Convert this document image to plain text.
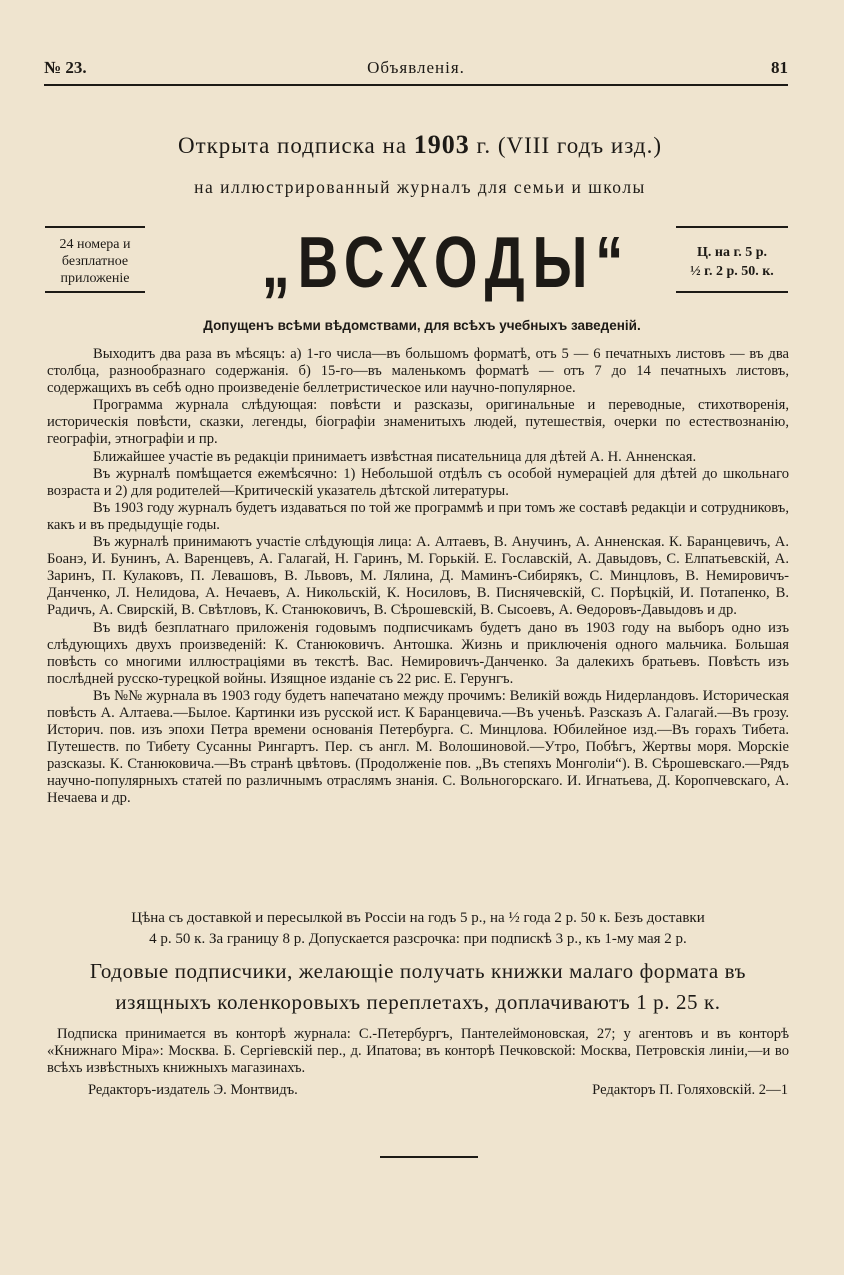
№ 23.	Объявленія.	81
Открыта подписка на 1903 г. (VIII годъ изд.)
на иллюстрированный журналъ для семьи и школы
24 номера и
безплатное
приложеніе „ВСХОДЫ“	Ц. на г. 5 р.
½ г. 2 р. 50. к.
Допущенъ всѣми вѣдомствами, для всѣхъ учебныхъ заведеній.

Выходитъ два раза въ мѣсяцъ: а) 1-го числа—въ большомъ форматѣ, отъ 5 — 6 печатныхъ листовъ — въ два столбца, разнообразнаго содержанія. б) 15-го—въ маленькомъ форматѣ — отъ 7 до 14 печатныхъ листовъ, содержащихъ въ себѣ одно произведеніе беллетристическое или научно-популярное.

Программа журнала слѣдующая: повѣсти и разсказы, оригинальные и переводные, стихотворенія, историческія повѣсти, сказки, легенды, біографіи знаменитыхъ людей, путешествія, очерки по естествознанію, географіи, этнографіи и пр.

Ближайшее участіе въ редакціи принимаетъ извѣстная писательница для дѣтей А. Н. Анненская.

Въ журналѣ помѣщается ежемѣсячно: 1) Небольшой отдѣлъ съ особой нумераціей для дѣтей до школьнаго возраста и 2) для родителей—Критическій указатель дѣтской литературы.

Въ 1903 году журналъ будетъ издаваться по той же программѣ и при томъ же составѣ редакціи и сотрудниковъ, какъ и въ предыдущіе годы.

Въ журналѣ принимаютъ участіе слѣдующія лица: А. Алтаевъ, В. Анучинъ, А. Анненская. К. Баранцевичъ, А. Боанэ, И. Бунинъ, А. Варенцевъ, А. Галагай, Н. Гаринъ, М. Горькій. Е. Гославскій, А. Давыдовъ, С. Елпатьевскій, А. Заринъ, П. Кулаковъ, П. Левашовъ, В. Львовъ, М. Лялина, Д. Маминъ-Сибирякъ, С. Минцловъ, В. Немировичъ-Данченко, Л. Нелидова, А. Нечаевъ, А. Никольскій, К. Носиловъ, В. Писнячевскій, С. Порѣцкій, И. Потапенко, В. Радичъ, А. Свирскій, В. Свѣтловъ, К. Станюковичъ, В. Сѣрошевскій, В. Сысоевъ, А. Ѳедоровъ-Давыдовъ и др.

Въ видѣ безплатнаго приложенія годовымъ подписчикамъ будетъ дано въ 1903 году на выборъ одно изъ слѣдующихъ двухъ произведеній: К. Станюковичъ. Антошка. Жизнь и приключенія одного мальчика. Большая повѣсть со многими иллюстраціями въ текстѣ. Вас. Немировичъ-Данченко. За далекихъ братьевъ. Повѣсть изъ послѣдней русско-турецкой войны. Изящное изданіе съ 22 рис. Е. Герунгъ.

Въ №№ журнала въ 1903 году будетъ напечатано между прочимъ: Великій вождь Нидерландовъ. Историческая повѣсть А. Алтаева.—Былое. Картинки изъ русской ист. К Баранцевича.—Въ ученьѣ. Разсказъ А. Галагай.—Въ грозу. Историч. пов. изъ эпохи Петра времени основанія Петербурга. С. Минцлова. Юбилейное изд.—Въ горахъ Тибета. Путешеств. по Тибету Сусанны Рингартъ. Пер. съ англ. М. Волошиновой.—Утро, Побѣгъ, Жертвы моря. Морскіе разсказы. К. Станюковича.—Въ странѣ цвѣтовъ. (Продолженіе пов. „Въ степяхъ Монголіи“). В. Сѣрошевскаго.—Рядъ научно-популярныхъ статей по различнымъ отраслямъ знанія. С. Вольногорскаго. И. Игнатьева, Д. Коропчевскаго, А. Нечаева и др.

Цѣна съ доставкой и пересылкой въ Россіи на годъ 5 р., на ½ года 2 р. 50 к. Безъ доставки
4 р. 50 к. За границу 8 р. Допускается разсрочка: при подпискѣ 3 р., къ 1-му мая 2 р.
Годовые подписчики, желающіе получать книжки малаго формата въ изящныхъ коленкоровыхъ переплетахъ, доплачиваютъ 1 р. 25 к.

Подписка принимается въ конторѣ журнала: С.-Петербургъ, Пантелеймоновская, 27; у агентовъ и въ конторѣ «Книжнаго Міра»: Москва. Б. Сергіевскій пер., д. Ипатова; въ конторѣ Печковской: Москва, Петровскія линіи,—и во всѣхъ извѣстныхъ книжныхъ магазинахъ.

Редакторъ-издатель Э. Монтвидъ.	Редакторъ П. Голяховскій. 2—1
